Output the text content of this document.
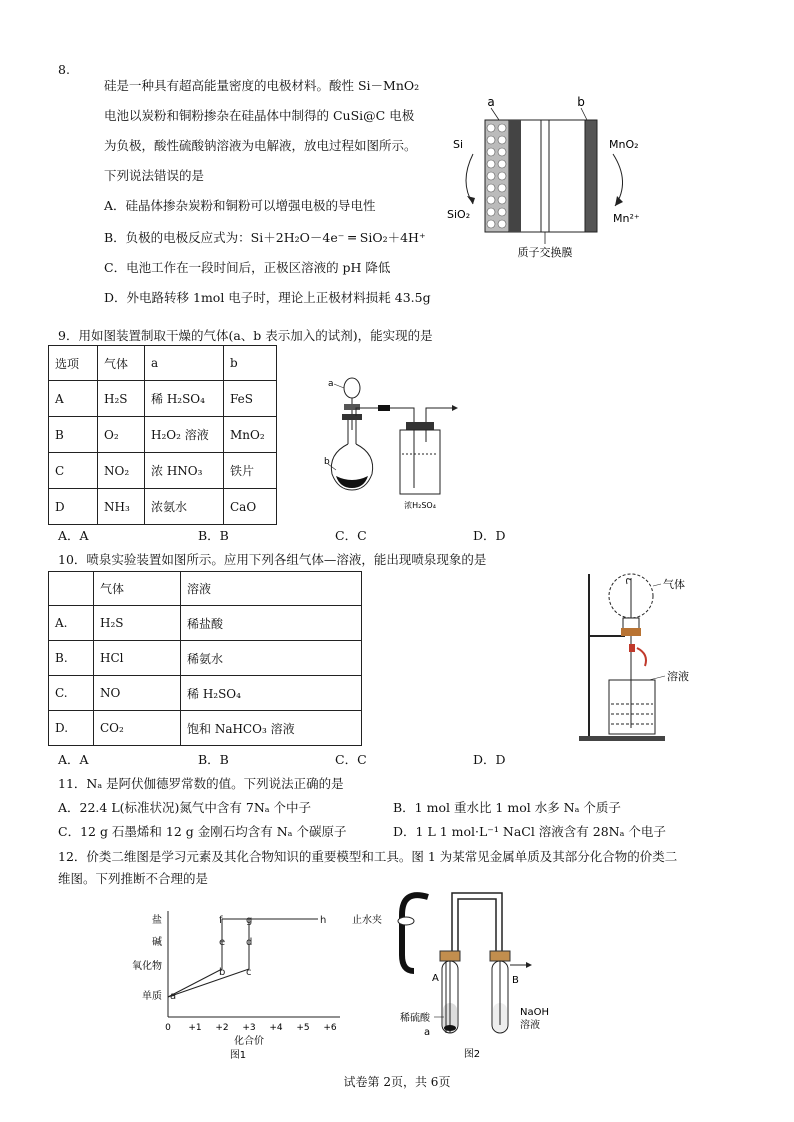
8.
硅是一种具有超高能量密度的电极材料。酸性 Si－MnO₂
电池以炭粉和铜粉掺杂在硅晶体中制得的 CuSi@C 电极
为负极，酸性硫酸钠溶液为电解液，放电过程如图所示。
下列说法错误的是
A．硅晶体掺杂炭粉和铜粉可以增强电极的导电性
B．负极的电极反应式为：Si＋2H₂O－4e⁻ ═ SiO₂＋4H⁺
C．电池工作在一段时间后，正极区溶液的 pH 降低
D．外电路转移 1mol 电子时，理论上正极材料损耗 43.5g
a	b
Si
SiO₂
MnO₂
Mn²⁺
质子交换膜
9．用如图装置制取干燥的气体(a、b 表示加入的试剂)，能实现的是
选项	气体	a	b
A	H₂S	稀 H₂SO₄	FeS
B	O₂	H₂O₂ 溶液	MnO₂
C	NO₂	浓 HNO₃	铁片
D	NH₃	浓氨水	CaO
a
b
浓H₂SO₄
A．A	B．B	C．C	D．D
10．喷泉实验装置如图所示。应用下列各组气体—溶液，能出现喷泉现象的是
	气体	溶液
A.	H₂S	稀盐酸
B.	HCl	稀氨水
C.	NO	稀 H₂SO₄
D.	CO₂	饱和 NaHCO₃ 溶液
气体
溶液
A．A	B．B	C．C	D．D
11．Nₐ 是阿伏伽德罗常数的值。下列说法正确的是
A．22.4 L(标准状况)氮气中含有 7Nₐ 个中子	B．1 mol 重水比 1 mol 水多 Nₐ 个质子
C．12 g 石墨烯和 12 g 金刚石均含有 Nₐ 个碳原子	D．1 L 1 mol·L⁻¹ NaCl 溶液含有 28Nₐ 个电子
12．价类二维图是学习元素及其化合物知识的重要模型和工具。图 1 为某常见金属单质及其部分化合物的价类二
维图。下列推断不合理的是
盐
碱
氧化物
单质
0 +1 +2 +3 +4 +5 +6
a
b c
d
e
f g	h
化合价
图1
止水夹
A	B
稀硫酸
NaOH
溶液
a
图2
试卷第 2页，共 6页
